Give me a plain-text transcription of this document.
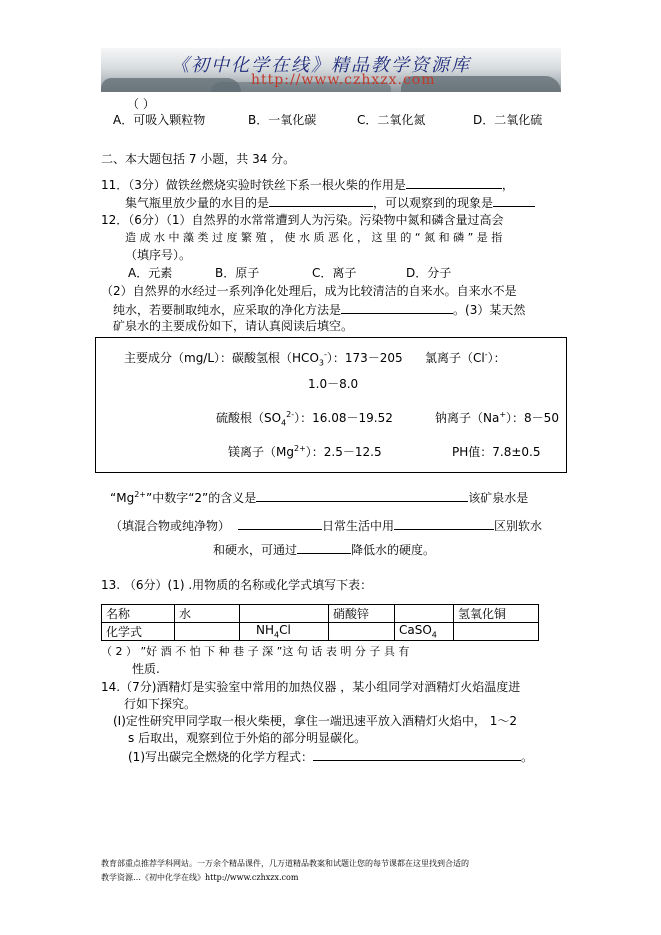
《初中化学在线》精品教学资源库
http://www.czhxzx.com
（ ）
A．可吸入颗粒物	B．一氧化碳	C．二氧化氮	D．二氧化硫
二、本大题包括 7 小题，共 34 分。
11．（3分）做铁丝燃烧实验时铁丝下系一根火柴的作用是	，
集气瓶里放少量的水目的是	，可以观察到的现象是
12．（6分）（1）自然界的水常常遭到人为污染。污染物中氮和磷含量过高会
造 成 水 中 藻 类 过 度 繁 殖 ， 使 水 质 恶 化 ， 这 里 的 “ 氮 和 磷 ” 是 指
（填序号）。
A．元素	B．原子	C．离子	D．分子
（2）自然界的水经过一系列净化处理后，成为比较清洁的自来水。自来水不是
纯水，若要制取纯水，应采取的净化方法是	。(3）某天然
矿泉水的主要成份如下，请认真阅读后填空。
主要成分（mg/L）：碳酸氢根$(HCO_3^-)$：173－205 氯离子（Cl-）：
1.0－8.0
硫酸根$(SO_4^{2-})$：16.08－19.52	钠离子（Na+）：8－50
镁离子$(Mg^{2+})$：2.5－12.5	PH值：7.8±0.5
“$Mg^{2+}$”中数字“2”的含义是	该矿泉水是
（填混合物或纯净物）	日常生活中用	区别软水
和硬水，可通过	降低水的硬度。
13. （6分）(1) .用物质的名称或化学式填写下表：
名称	水		硝酸锌		氢氧化铜
化学式		$NH_4Cl$		CaSO$_4$	
（ 2 ） ”好 酒 不 怕 下 种 巷 子 深 ”这 句 话 表 明 分 子 具 有
性质.
14.（7分)酒精灯是实验室中常用的加热仪器 ，某小组同学对酒精灯火焰温度进
行如下探究。
(I)定性研究甲同学取一根火柴梗，拿住一端迅速平放入酒精灯火焰中， 1～2
s 后取出，观察到位于外焰的部分明显碳化。
(1)写出碳完全燃烧的化学方程式：	。
教育部重点推荐学科网站。一万余个精品课件，几万道精品教案和试题让您的每节课都在这里找到合适的
教学资源…《初中化学在线》http://www.czhxzx.com
